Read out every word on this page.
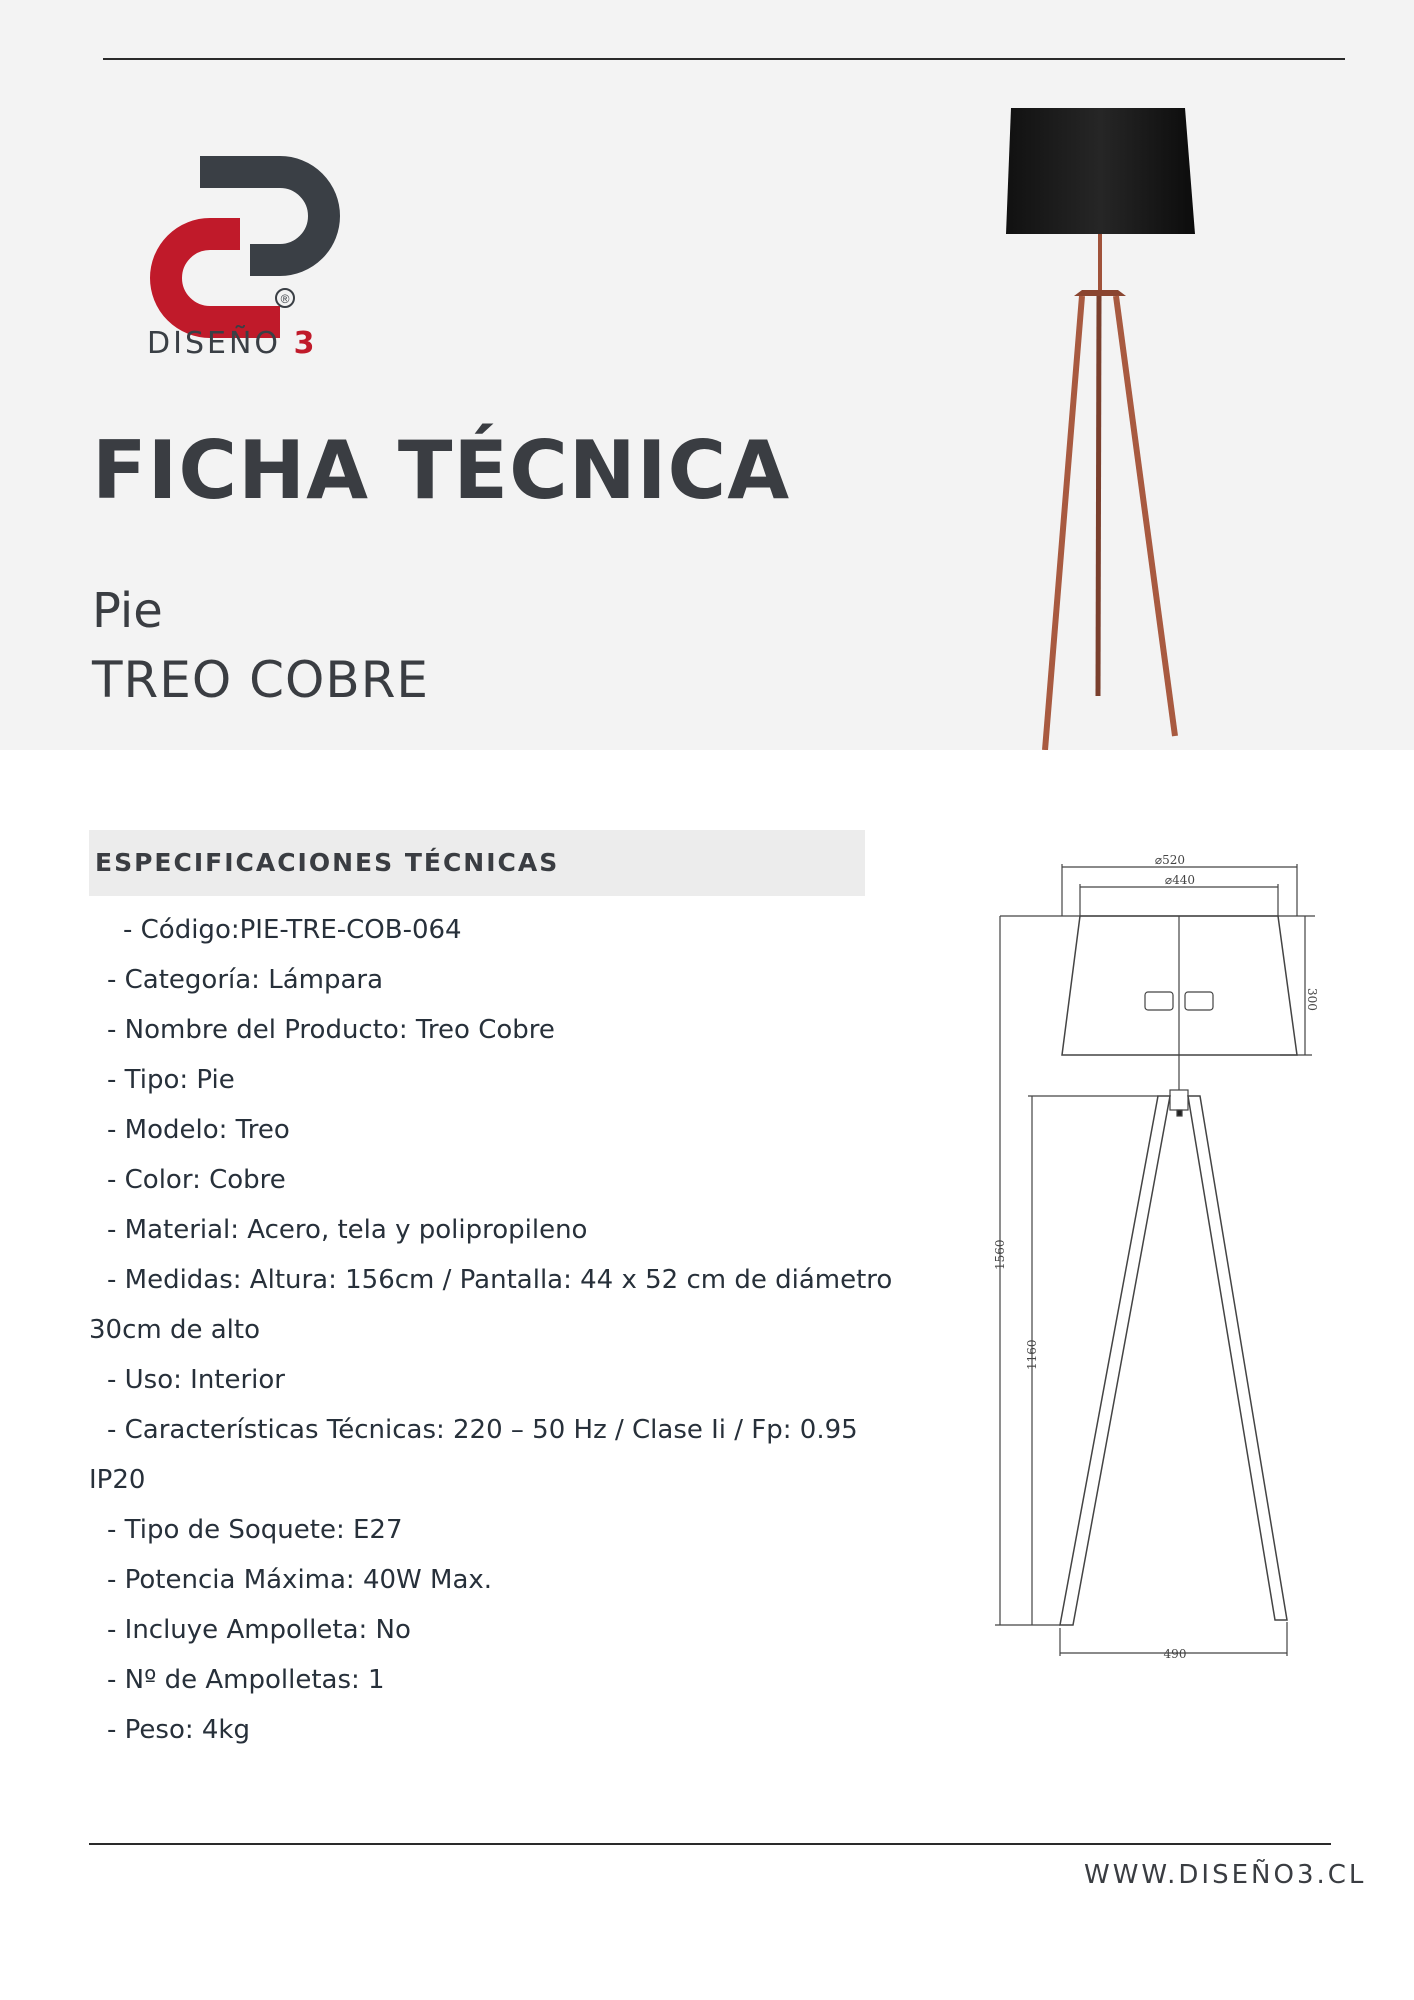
®
DISEÑO 3
FICHA TÉCNICA
Pie
TREO COBRE
ESPECIFICACIONES TÉCNICAS
- Código:PIE-TRE-COB-064
- Categoría: Lámpara
- Nombre del Producto: Treo Cobre
- Tipo: Pie
- Modelo: Treo
- Color: Cobre
- Material: Acero, tela y polipropileno
- Medidas: Altura: 156cm / Pantalla: 44 x 52 cm de diámetro
30cm de alto
- Uso: Interior
- Características Técnicas: 220 – 50 Hz / Clase Ii / Fp: 0.95
IP20
- Tipo de Soquete: E27
- Potencia Máxima: 40W Max.
- Incluye Ampolleta: No
- Nº de Ampolletas: 1
- Peso: 4kg
⌀520
⌀440
300
1560
1160
490
WWW.DISEÑO3.CL
